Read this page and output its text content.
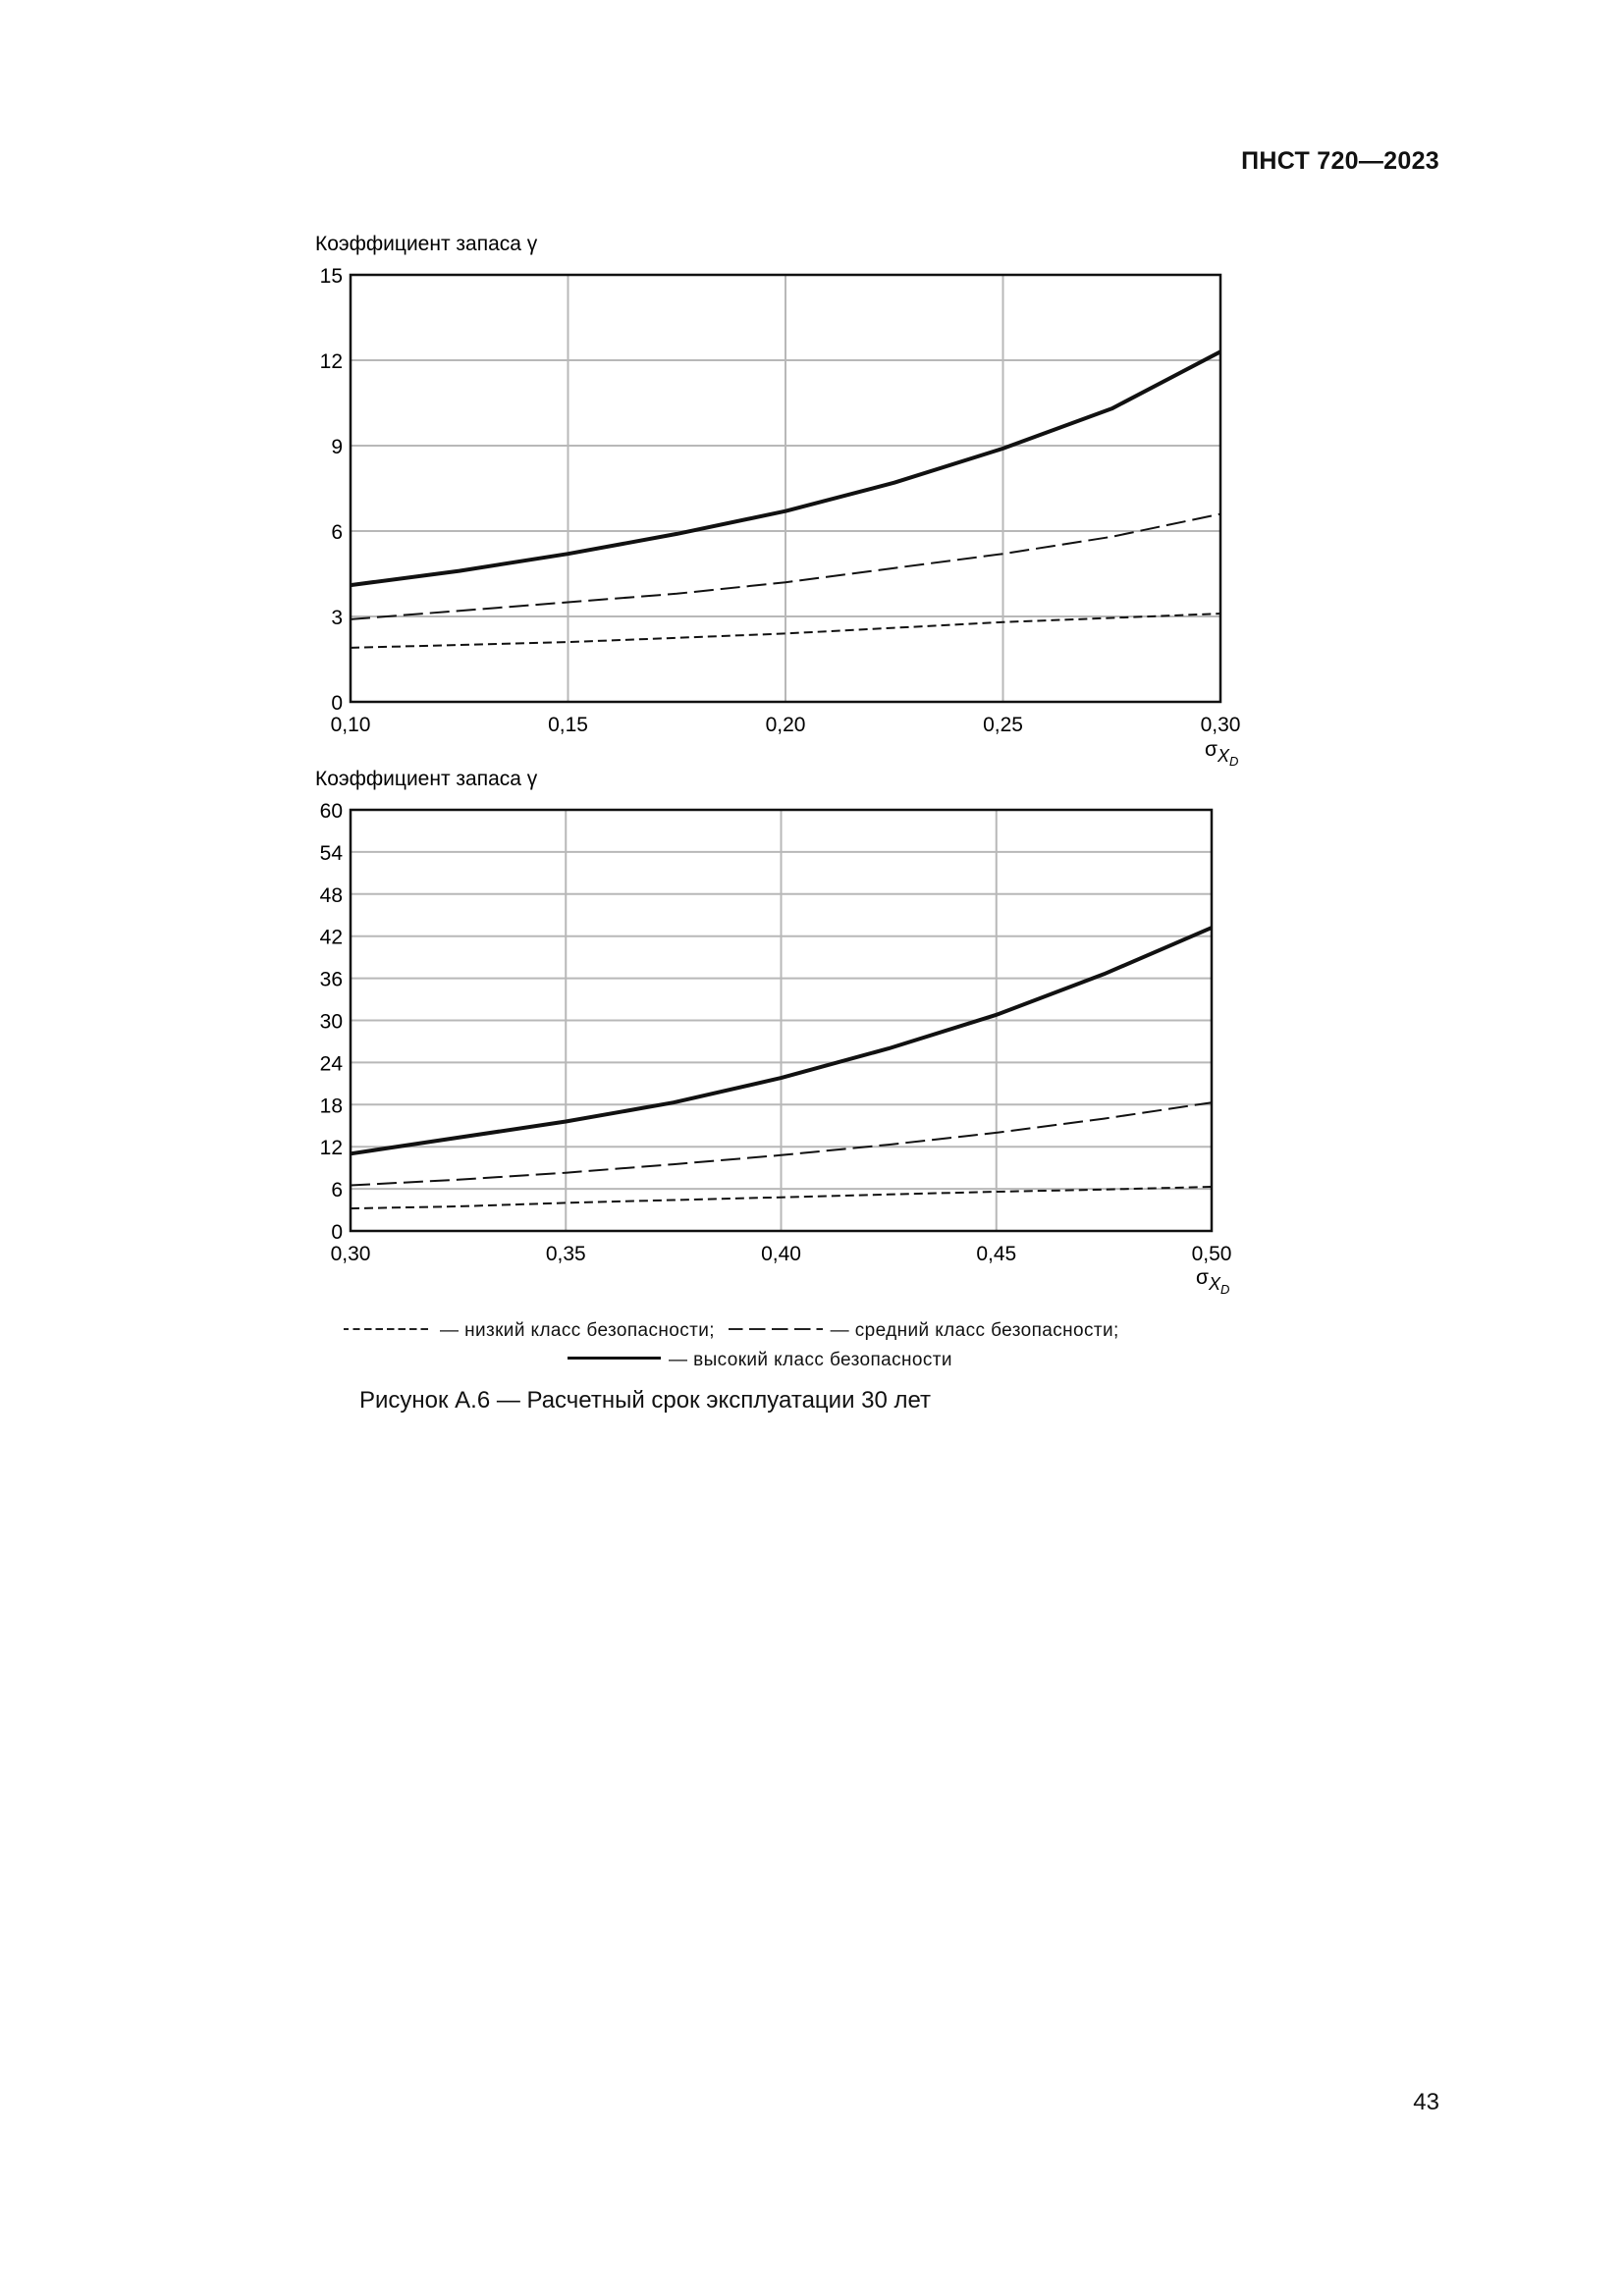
ПНСТ 720—2023
0
3
6
9
12
15
0,10	0,15	0,20	0,25	0,30
Коэффициент запаса γ
σXD
0
6
12
18
24
30
36
42
48
54
60
0,30	0,35	0,40	0,45	0,50
Коэффициент запаса γ
σXD
— низкий класс безопасности;	— средний класс безопасности;
— высокий класс безопасности
Рисунок А.6 — Расчетный срок эксплуатации 30 лет
43
